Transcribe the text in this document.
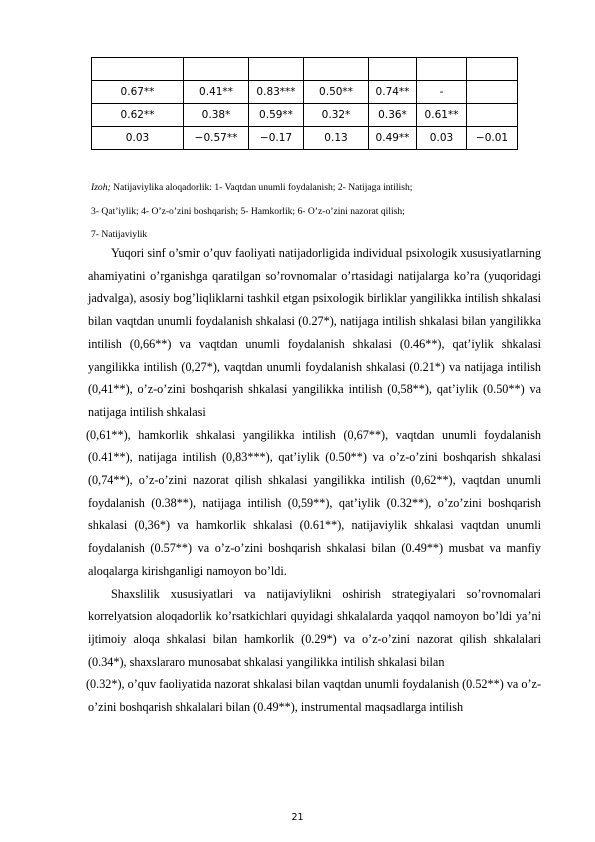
0.67**	0.41**	0.83***	0.50**	0.74**	-	
0.62**	0.38*	0.59**	0.32*	0.36*	0.61**	
0.03	−0.57**	−0.17	0.13	0.49**	0.03	−0.01
Izoh; Natijaviylika aloqadorlik: 1- Vaqtdan unumli foydalanish; 2- Natijaga intilish;
3- Qat’iylik; 4- O’z-o’zini boshqarish; 5- Hamkorlik; 6- O’z-o’zini nazorat qilish;
7- Natijaviylik

Yuqori sinf o’smir o’quv faoliyati natijadorligida individual psixologik xususiyatlarning ahamiyatini o’rganishga qaratilgan so’rovnomalar o’rtasidagi natijalarga ko’ra (yuqoridagi jadvalga), asosiy bog’liqliklarni tashkil etgan psixologik birliklar yangilikka intilish shkalasi bilan vaqtdan unumli foydalanish shkalasi (0.27*), natijaga intilish shkalasi bilan yangilikka intilish (0,66**) va vaqtdan unumli foydalanish shkalasi (0.46**), qat’iylik shkalasi yangilikka intilish (0,27*), vaqtdan unumli foydalanish shkalasi (0.21*) va natijaga intilish (0,41**), o’z-o’zini boshqarish shkalasi yangilikka intilish (0,58**), qat’iylik (0.50**) va natijaga intilish shkalasi

(0,61**), hamkorlik shkalasi yangilikka intilish (0,67**), vaqtdan unumli foydalanish (0.41**), natijaga intilish (0,83***), qat’iylik (0.50**) va o’z-o’zini boshqarish shkalasi (0,74**), o’z-o’zini nazorat qilish shkalasi yangilikka intilish (0,62**), vaqtdan unumli foydalanish (0.38**), natijaga intilish (0,59**), qat’iylik (0.32**), o’zo’zini boshqarish shkalasi (0,36*) va hamkorlik shkalasi (0.61**), natijaviylik shkalasi vaqtdan unumli foydalanish (0.57**) va o’z-o’zini boshqarish shkalasi bilan (0.49**) musbat va manfiy aloqalarga kirishganligi namoyon bo’ldi.

Shaxslilik xususiyatlari va natijaviylikni oshirish strategiyalari so’rovnomalari korrelyatsion aloqadorlik ko’rsatkichlari quyidagi shkalalarda yaqqol namoyon bo’ldi ya’ni ijtimoiy aloqa shkalasi bilan hamkorlik (0.29*) va o’z-o’zini nazorat qilish shkalalari (0.34*), shaxslararo munosabat shkalasi yangilikka intilish shkalasi bilan

(0.32*), o’quv faoliyatida nazorat shkalasi bilan vaqtdan unumli foydalanish (0.52**) va o’z-o’zini boshqarish shkalalari bilan (0.49**), instrumental maqsadlarga intilish

21
